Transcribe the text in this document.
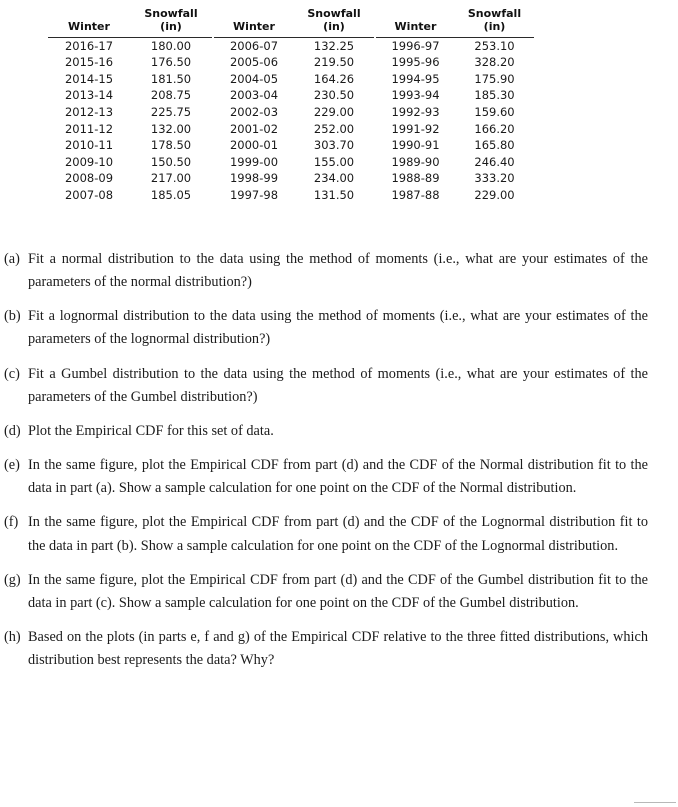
Winter	Snowfall
(in)

2016-17	180.00
2015-16	176.50
2014-15	181.50
2013-14	208.75
2012-13	225.75
2011-12	132.00
2010-11	178.50
2009-10	150.50
2008-09	217.00
2007-08	185.05
Winter	Snowfall
(in)

2006-07	132.25
2005-06	219.50
2004-05	164.26
2003-04	230.50
2002-03	229.00
2001-02	252.00
2000-01	303.70
1999-00	155.00
1998-99	234.00
1997-98	131.50
Winter	Snowfall
(in)

1996-97	253.10
1995-96	328.20
1994-95	175.90
1993-94	185.30
1992-93	159.60
1991-92	166.20
1990-91	165.80
1989-90	246.40
1988-89	333.20
1987-88	229.00
(a) Fit a normal distribution to the data using the method of moments (i.e., what are your estimates of the parameters of the normal distribution?)
(b) Fit a lognormal distribution to the data using the method of moments (i.e., what are your estimates of the parameters of the lognormal distribution?)
(c) Fit a Gumbel distribution to the data using the method of moments (i.e., what are your estimates of the parameters of the Gumbel distribution?)
(d) Plot the Empirical CDF for this set of data.
(e) In the same figure, plot the Empirical CDF from part (d) and the CDF of the Normal distribution fit to the data in part (a). Show a sample calculation for one point on the CDF of the Normal distribution.
(f) In the same figure, plot the Empirical CDF from part (d) and the CDF of the Lognormal distribution fit to the data in part (b). Show a sample calculation for one point on the CDF of the Lognormal distribution.
(g) In the same figure, plot the Empirical CDF from part (d) and the CDF of the Gumbel distribution fit to the data in part (c). Show a sample calculation for one point on the CDF of the Gumbel distribution.
(h) Based on the plots (in parts e, f and g) of the Empirical CDF relative to the three fitted distributions, which distribution best represents the data? Why?
